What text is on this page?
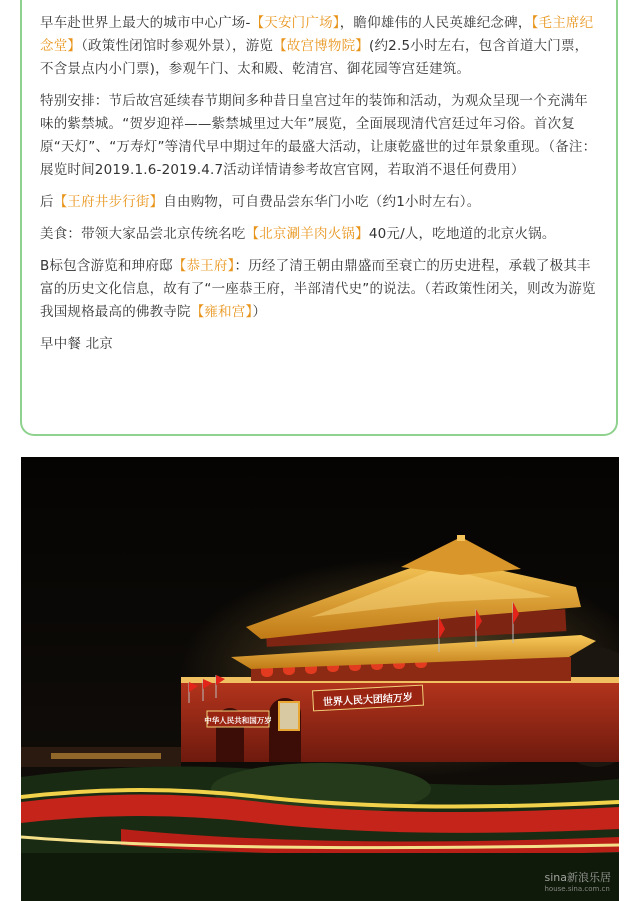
早车赴世界上最大的城市中心广场-【天安门广场】，瞻仰雄伟的人民英雄纪念碑，【毛主席纪念堂】（政策性闭馆时参观外景），游览【故宫博物院】(约2.5小时左右，包含首道大门票，不含景点内小门票)，参观午门、太和殿、乾清宫、御花园等宫廷建筑。

特别安排：节后故宫延续春节期间多种昔日皇宫过年的装饰和活动，为观众呈现一个充满年味的紫禁城。“贺岁迎祥——紫禁城里过大年”展览，全面展现清代宫廷过年习俗。首次复原“天灯”、“万寿灯”等清代早中期过年的最盛大活动，让康乾盛世的过年景象重现。（备注：展览时间2019.1.6-2019.4.7活动详情请参考故宫官网，若取消不退任何费用）

后【王府井步行街】自由购物，可自费品尝东华门小吃（约1小时左右）。

美食：带领大家品尝北京传统名吃【北京涮羊肉火锅】40元/人，吃地道的北京火锅。

B标包含游览和珅府邸【恭王府】：历经了清王朝由鼎盛而至衰亡的历史进程，承载了极其丰富的历史文化信息，故有了“一座恭王府，半部清代史”的说法。（若政策性闭关，则改为游览我国规格最高的佛教寺院【雍和宫】）

早中餐 北京

中华人民共和国万岁
世界人民大团结万岁
sina新浪乐居
house.sina.com.cn
